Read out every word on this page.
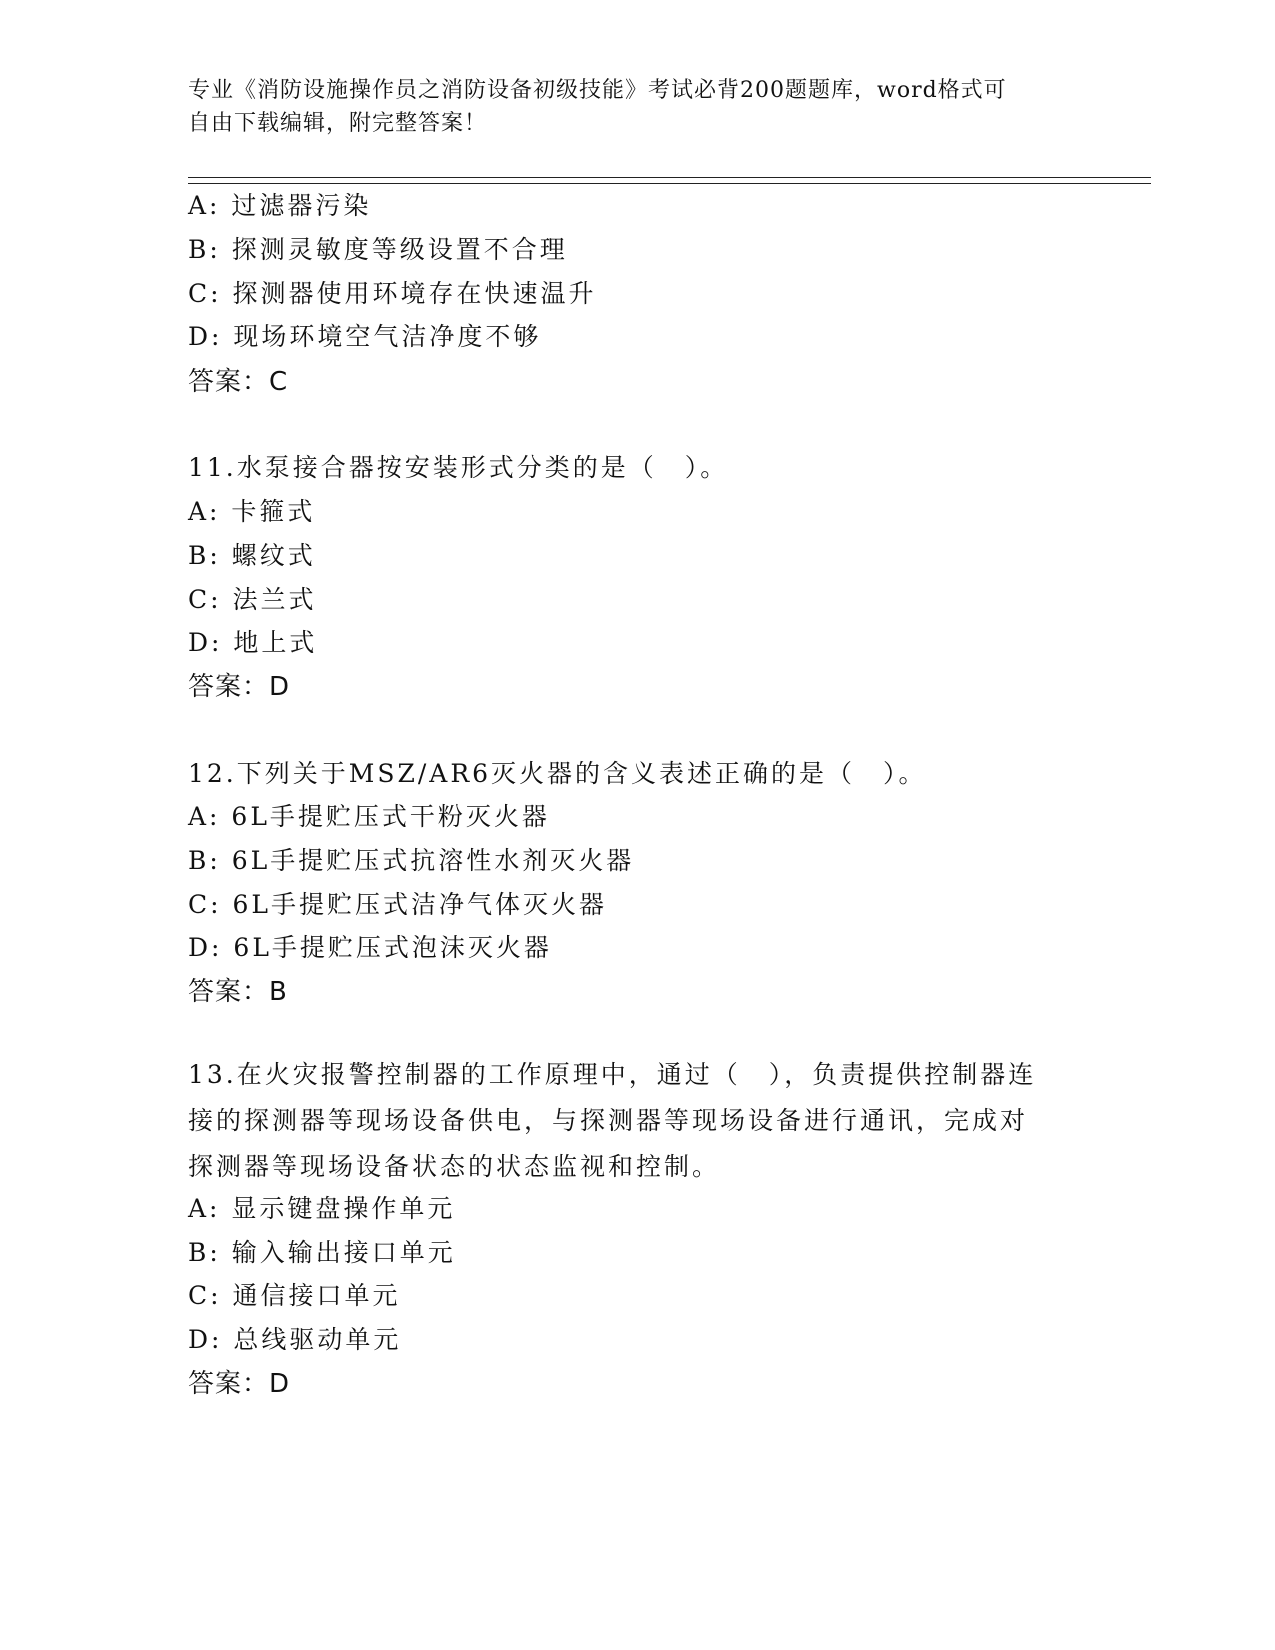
专业《消防设施操作员之消防设备初级技能》考试必背200题题库，word格式可
自由下载编辑，附完整答案！
A: 过滤器污染
B: 探测灵敏度等级设置不合理
C: 探测器使用环境存在快速温升
D: 现场环境空气洁净度不够
答案：C
11.水泵接合器按安装形式分类的是（　）。
A: 卡箍式
B: 螺纹式
C: 法兰式
D: 地上式
答案：D
12.下列关于MSZ/AR6灭火器的含义表述正确的是（　）。
A: 6L手提贮压式干粉灭火器
B: 6L手提贮压式抗溶性水剂灭火器
C: 6L手提贮压式洁净气体灭火器
D: 6L手提贮压式泡沫灭火器
答案：B
13.在火灾报警控制器的工作原理中，通过（　），负责提供控制器连
接的探测器等现场设备供电，与探测器等现场设备进行通讯，完成对
探测器等现场设备状态的状态监视和控制。
A: 显示键盘操作单元
B: 输入输出接口单元
C: 通信接口单元
D: 总线驱动单元
答案：D
